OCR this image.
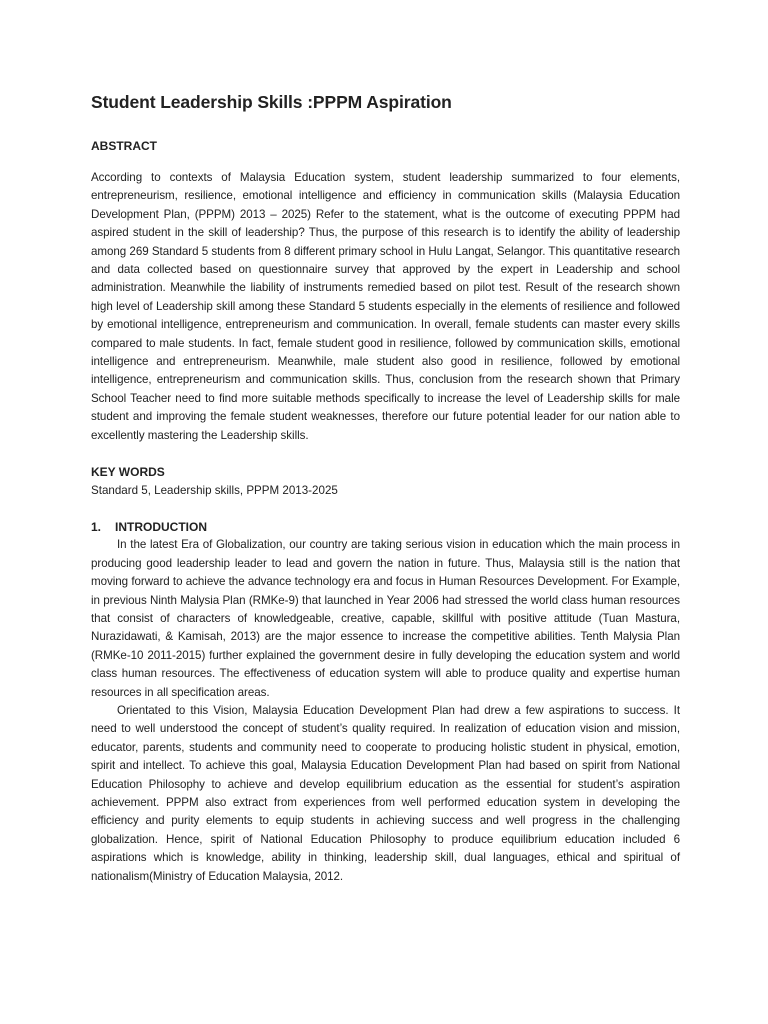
Student Leadership Skills :PPPM Aspiration
ABSTRACT

According to contexts of Malaysia Education system, student leadership summarized to four elements, entrepreneurism, resilience, emotional intelligence and efficiency in communication skills (Malaysia Education Development Plan, (PPPM) 2013 – 2025) Refer to the statement, what is the outcome of executing PPPM had aspired student in the skill of leadership? Thus, the purpose of this research is to identify the ability of leadership among 269 Standard 5 students from 8 different primary school in Hulu Langat, Selangor. This quantitative research and data collected based on questionnaire survey that approved by the expert in Leadership and school administration. Meanwhile the liability of instruments remedied based on pilot test. Result of the research shown high level of Leadership skill among these Standard 5 students especially in the elements of resilience and followed by emotional intelligence, entrepreneurism and communication. In overall, female students can master every skills compared to male students. In fact, female student good in resilience, followed by communication skills, emotional intelligence and entrepreneurism. Meanwhile, male student also good in resilience, followed by emotional intelligence, entrepreneurism and communication skills. Thus, conclusion from the research shown that Primary School Teacher need to find more suitable methods specifically to increase the level of Leadership skills for male student and improving the female student weaknesses, therefore our future potential leader for our nation able to excellently mastering the Leadership skills.

KEY WORDS
Standard 5, Leadership skills, PPPM 2013-2025
1.	INTRODUCTION

In the latest Era of Globalization, our country are taking serious vision in education which the main process in producing good leadership leader to lead and govern the nation in future. Thus, Malaysia still is the nation that moving forward to achieve the advance technology era and focus in Human Resources Development. For Example, in previous Ninth Malysia Plan (RMKe-9) that launched in Year 2006 had stressed the world class human resources that consist of characters of knowledgeable, creative, capable, skillful with positive attitude (Tuan Mastura, Nurazidawati, & Kamisah, 2013) are the major essence to increase the competitive abilities. Tenth Malysia Plan (RMKe-10 2011-2015) further explained the government desire in fully developing the education system and world class human resources. The effectiveness of education system will able to produce quality and expertise human resources in all specification areas.

Orientated to this Vision, Malaysia Education Development Plan had drew a few aspirations to success. It need to well understood the concept of student’s quality required. In realization of education vision and mission, educator, parents, students and community need to cooperate to producing holistic student in physical, emotion, spirit and intellect. To achieve this goal, Malaysia Education Development Plan had based on spirit from National Education Philosophy to achieve and develop equilibrium education as the essential for student’s aspiration achievement. PPPM also extract from experiences from well performed education system in developing the efficiency and purity elements to equip students in achieving success and well progress in the challenging globalization. Hence, spirit of National Education Philosophy to produce equilibrium education included 6 aspirations which is knowledge, ability in thinking, leadership skill, dual languages, ethical and spiritual of nationalism(Ministry of Education Malaysia, 2012.
